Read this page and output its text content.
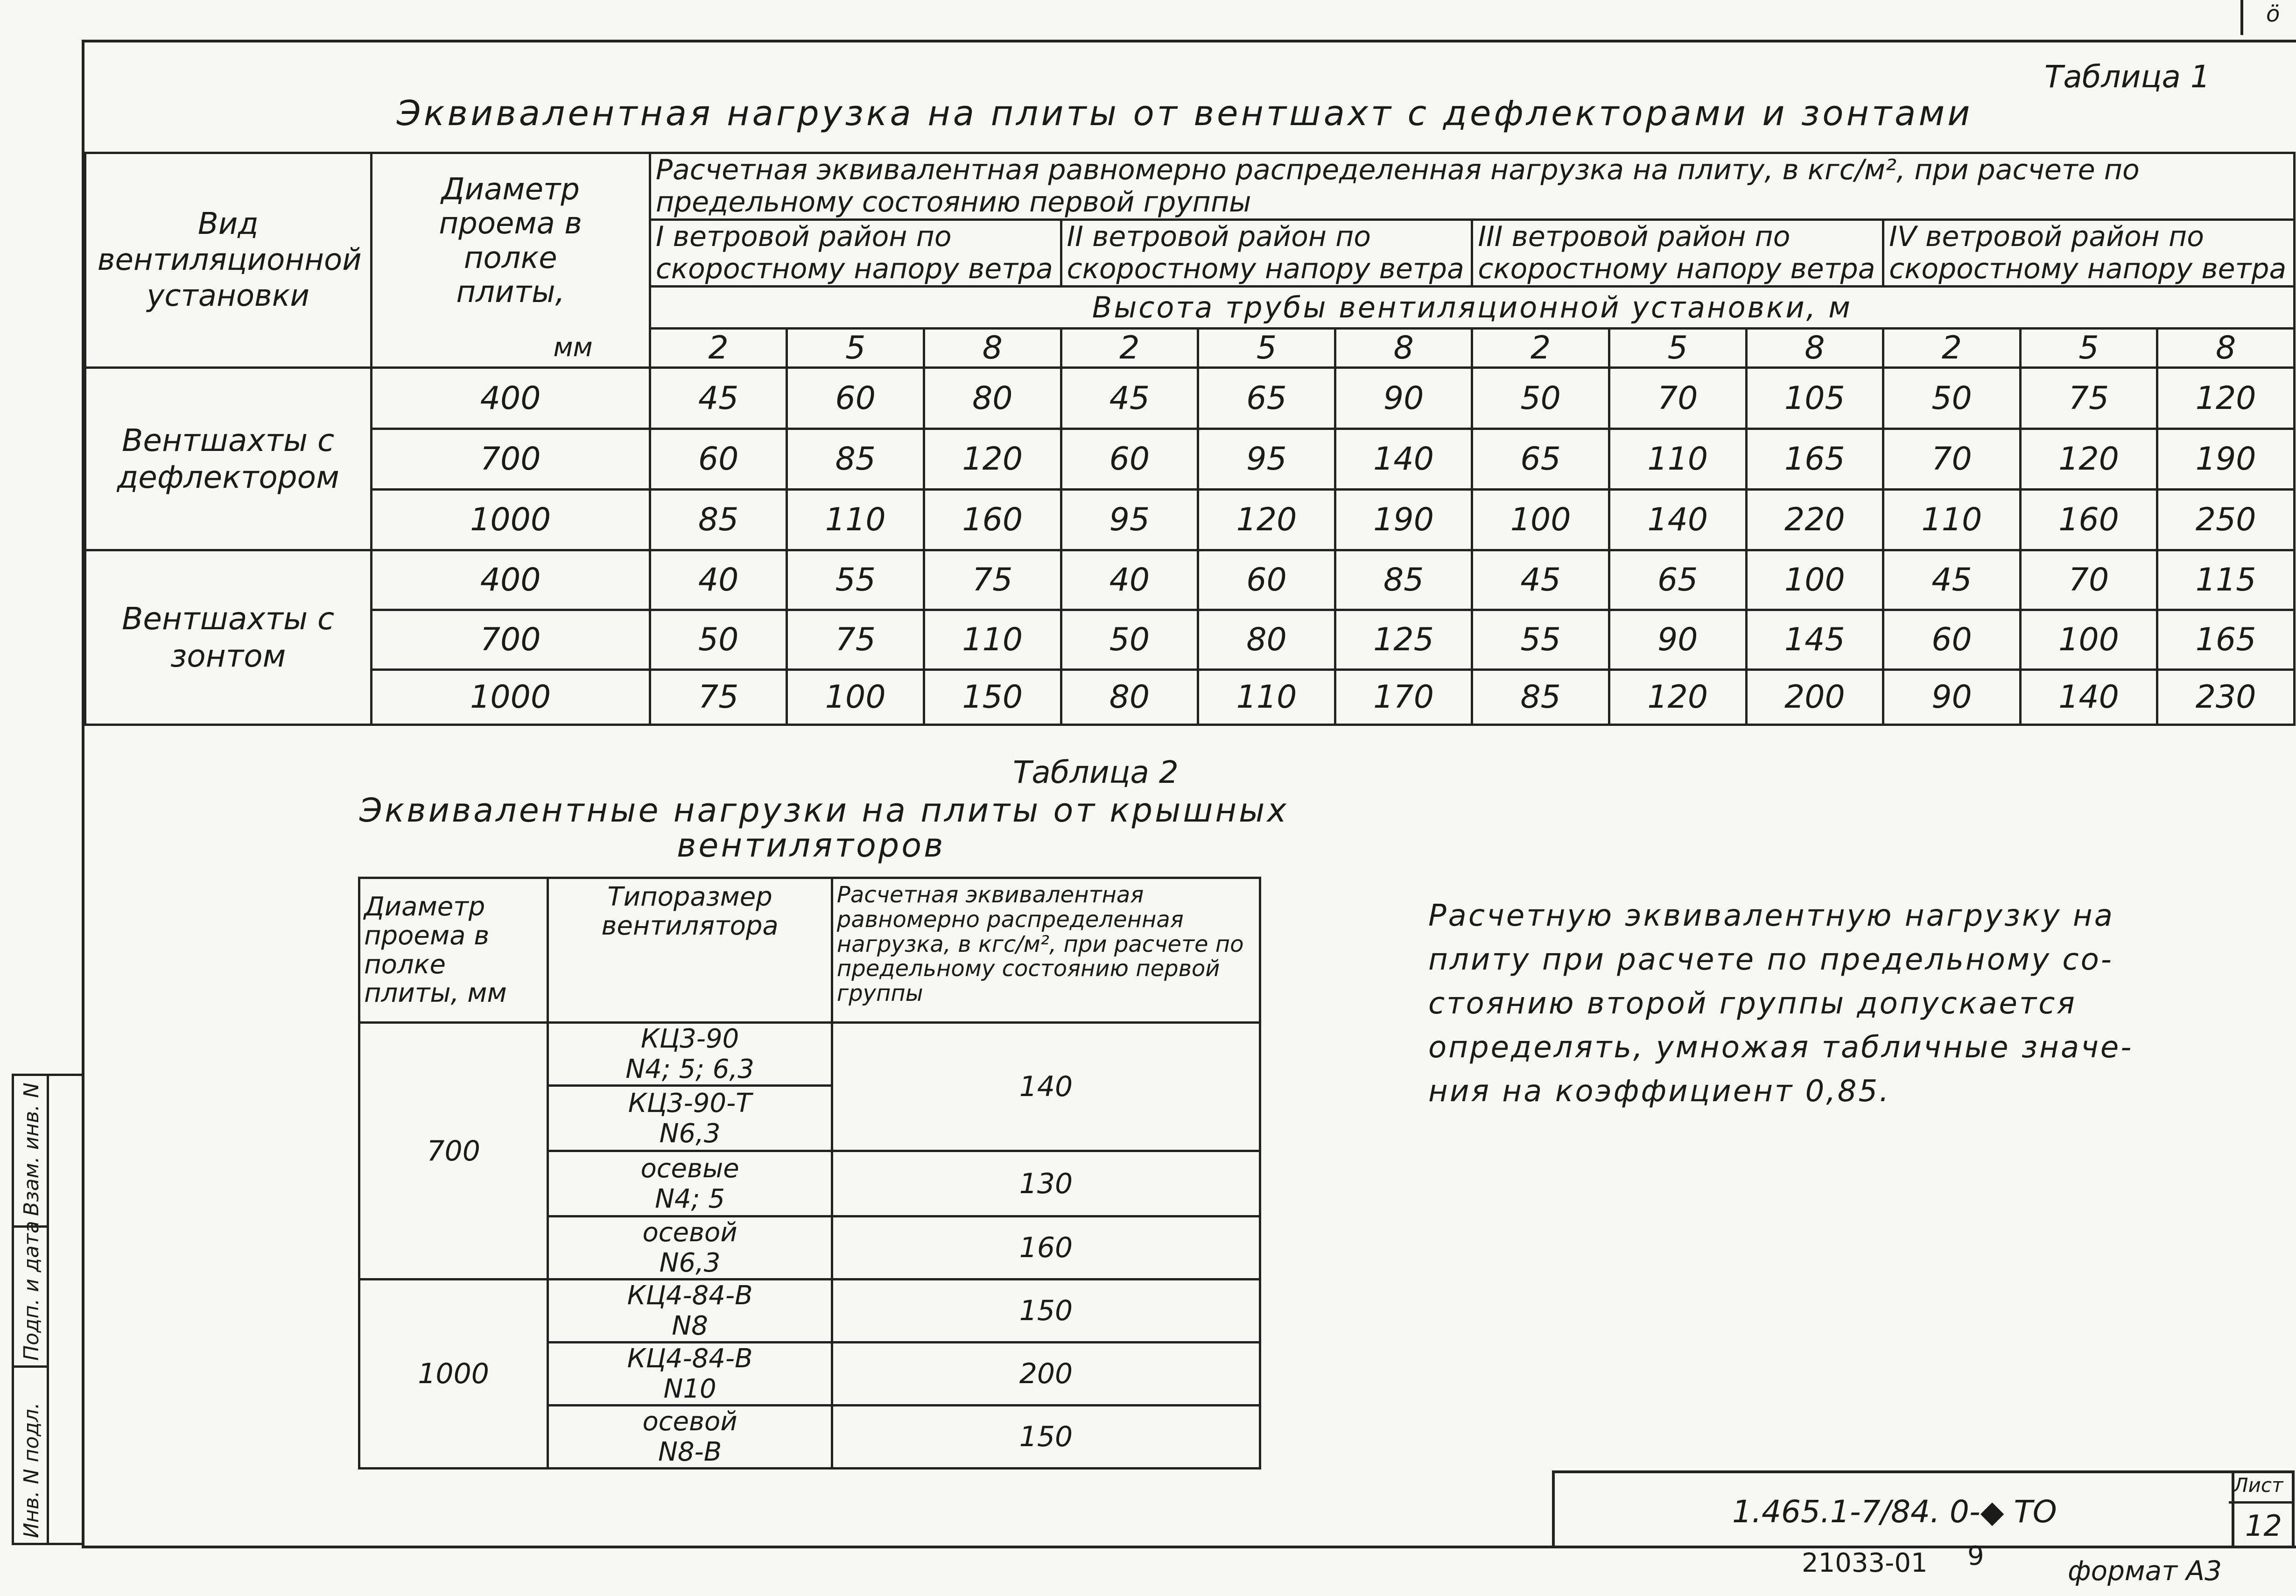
ö
Таблица 1
Эквивалентная нагрузка на плиты от вентшахт с дефлекторами и зонтами
Вид вентиляционной установки	Диаметр проема в полке плиты,	Расчетная эквивалентная равномерно распределенная нагрузка на плиту, в кгс/м², при расчете по предельному состоянию первой группы											
		I ветровой район по скоростному напору ветра			II ветровой район по скоростному напору ветра			III ветровой район по скоростному напору ветра			IV ветровой район по скоростному напору ветра		
		Высота трубы вентиляционной установки, м											
	мм	2	5	8	2	5	8	2	5	8	2	5	8

Вентшахты с дефлектором	400	45	60	80	45	65	90	50	70	105	50	75	120
	700	60	85	120	60	95	140	65	110	165	70	120	190
	1000	85	110	160	95	120	190	100	140	220	110	160	250

Вентшахты с зонтом	400	40	55	75	40	60	85	45	65	100	45	70	115
	700	50	75	110	50	80	125	55	90	145	60	100	165
	1000	75	100	150	80	110	170	85	120	200	90	140	230
Таблица 2
Эквивалентные нагрузки на плиты от крышных
вентиляторов
Диаметр проема в полке плиты, мм	Типоразмер вентилятора	Расчетная эквивалентная равномерно распределенная нагрузка, в кгс/м², при расчете по предельному состоянию первой группы

700	КЦ3-90
N4; 5; 6,3	140

	КЦ3-90-Т
N6,3	

	осевые
N4; 5	130

	осевой
N6,3	160
1000	КЦ4-84-В
N8	150

	КЦ4-84-В
N10	200

	осевой
N8-В	150
Расчетную эквивалентную нагрузку на
плиту при расчете по предельному со-
стоянию второй группы допускается
определять, умножая табличные значе-
ния на коэффициент 0,85.
1.465.1-7/84. 0-◆ ТО
Лист
12
21033-01 9	формат А3
Инв. N подл.
Подп. и дата
Взам. инв. N
